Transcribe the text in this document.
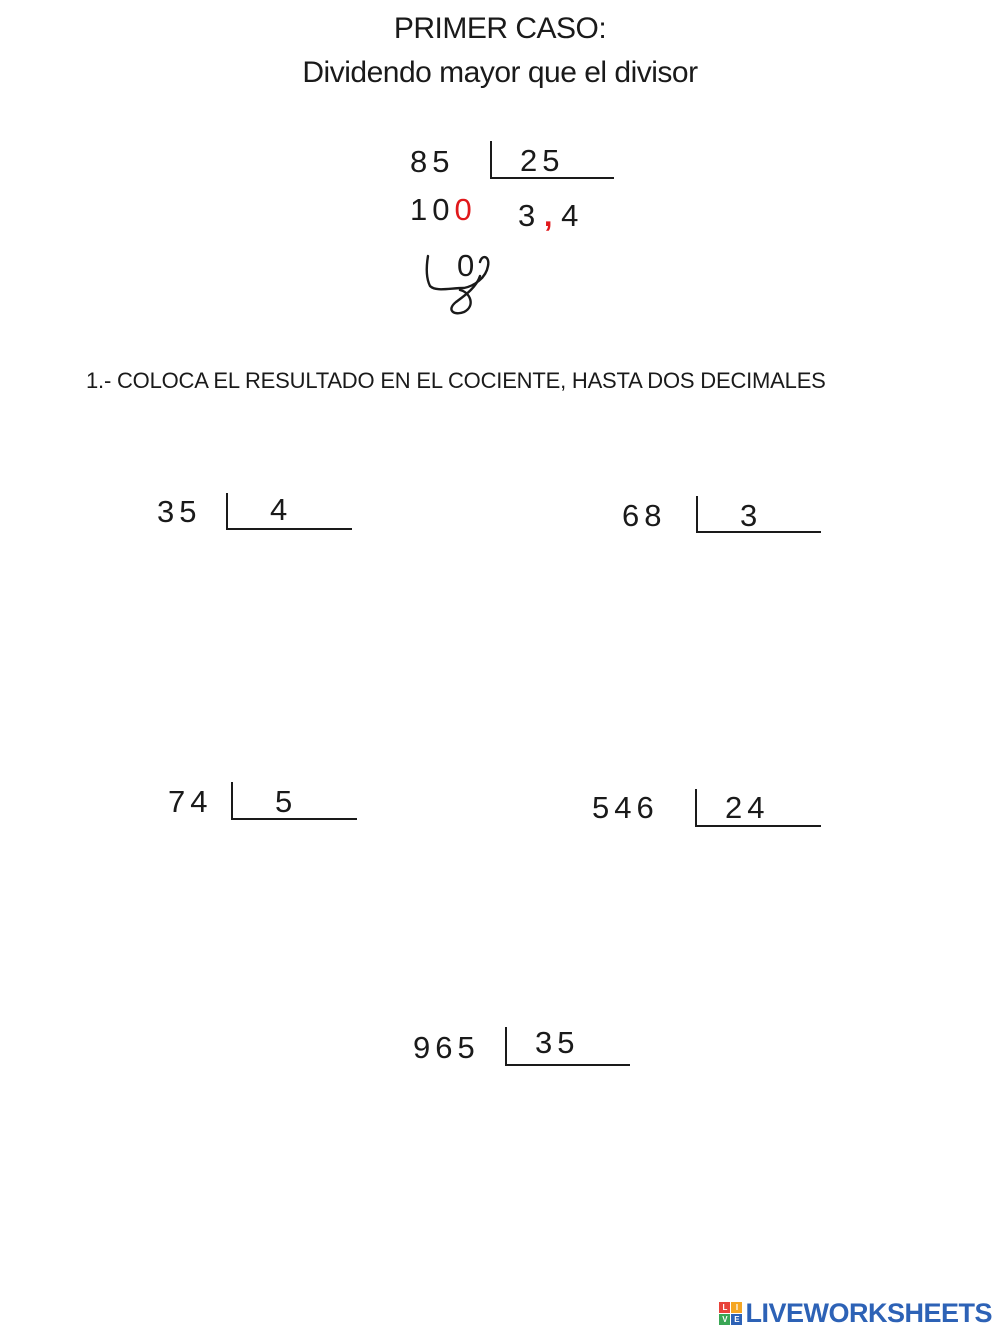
PRIMER CASO:
Dividendo mayor que el divisor
85 25
100 3 , 4
0
1.- COLOCA EL RESULTADO EN EL COCIENTE, HASTA DOS DECIMALES
35 4	68 3
74 5	546 24
965 35
L	I
V E LIVEWORKSHEETS
